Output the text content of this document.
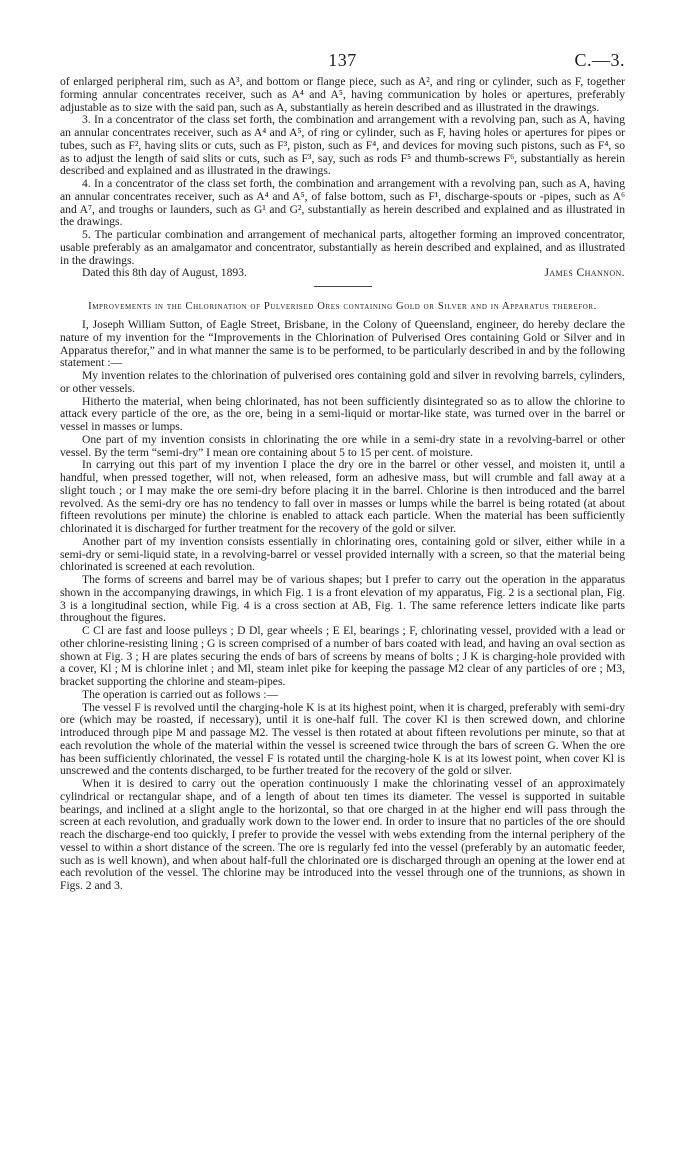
137	C.—3.

of enlarged peripheral rim, such as A³, and bottom or flange piece, such as A², and ring or cylinder, such as F, together forming annular concentrates receiver, such as A⁴ and A⁵, having communication by holes or apertures, preferably adjustable as to size with the said pan, such as A, substantially as herein described and as illustrated in the drawings.

3. In a concentrator of the class set forth, the combination and arrangement with a revolving pan, such as A, having an annular concentrates receiver, such as A⁴ and A⁵, of ring or cylinder, such as F, having holes or apertures for pipes or tubes, such as F², having slits or cuts, such as F³, piston, such as F⁴, and devices for moving such pistons, such as F⁴, so as to adjust the length of said slits or cuts, such as F³, say, such as rods F⁵ and thumb-screws F⁶, substantially as herein described and explained and as illustrated in the drawings.

4. In a concentrator of the class set forth, the combination and arrangement with a revolving pan, such as A, having an annular concentrates receiver, such as A⁴ and A⁵, of false bottom, such as F¹, discharge-spouts or -pipes, such as A⁶ and A⁷, and troughs or launders, such as G¹ and G², substantially as herein described and explained and as illustrated in the drawings.

5. The particular combination and arrangement of mechanical parts, altogether forming an improved concentrator, usable preferably as an amalgamator and concentrator, substantially as herein described and explained, and as illustrated in the drawings.

Dated this 8th day of August, 1893.	James Channon.
Improvements in the Chlorination of Pulverised Ores containing Gold or Silver and in Apparatus therefor.

I, Joseph William Sutton, of Eagle Street, Brisbane, in the Colony of Queensland, engineer, do hereby declare the nature of my invention for the “Improvements in the Chlorination of Pulverised Ores containing Gold or Silver and in Apparatus therefor,” and in what manner the same is to be performed, to be particularly described in and by the following statement :—

My invention relates to the chlorination of pulverised ores containing gold and silver in revolving barrels, cylinders, or other vessels.

Hitherto the material, when being chlorinated, has not been sufficiently disintegrated so as to allow the chlorine to attack every particle of the ore, as the ore, being in a semi-liquid or mortar-like state, was turned over in the barrel or vessel in masses or lumps.

One part of my invention consists in chlorinating the ore while in a semi-dry state in a revolving-barrel or other vessel. By the term “semi-dry” I mean ore containing about 5 to 15 per cent. of moisture.

In carrying out this part of my invention I place the dry ore in the barrel or other vessel, and moisten it, until a handful, when pressed together, will not, when released, form an adhesive mass, but will crumble and fall away at a slight touch ; or I may make the ore semi-dry before placing it in the barrel. Chlorine is then introduced and the barrel revolved. As the semi-dry ore has no tendency to fall over in masses or lumps while the barrel is being rotated (at about fifteen revolutions per minute) the chlorine is enabled to attack each particle. When the material has been sufficiently chlorinated it is discharged for further treatment for the recovery of the gold or silver.

Another part of my invention consists essentially in chlorinating ores, containing gold or silver, either while in a semi-dry or semi-liquid state, in a revolving-barrel or vessel provided internally with a screen, so that the material being chlorinated is screened at each revolution.

The forms of screens and barrel may be of various shapes; but I prefer to carry out the operation in the apparatus shown in the accompanying drawings, in which Fig. 1 is a front elevation of my apparatus, Fig. 2 is a sectional plan, Fig. 3 is a longitudinal section, while Fig. 4 is a cross section at AB, Fig. 1. The same reference letters indicate like parts throughout the figures.

C Cl are fast and loose pulleys ; D Dl, gear wheels ; E El, bearings ; F, chlorinating vessel, provided with a lead or other chlorine-resisting lining ; G is screen comprised of a number of bars coated with lead, and having an oval section as shown at Fig. 3 ; H are plates securing the ends of bars of screens by means of bolts ; J K is charging-hole provided with a cover, Kl ; M is chlorine inlet ; and Ml, steam inlet pike for keeping the passage M2 clear of any particles of ore ; M3, bracket supporting the chlorine and steam-pipes.

The operation is carried out as follows :—

The vessel F is revolved until the charging-hole K is at its highest point, when it is charged, preferably with semi-dry ore (which may be roasted, if necessary), until it is one-half full. The cover Kl is then screwed down, and chlorine introduced through pipe M and passage M2. The vessel is then rotated at about fifteen revolutions per minute, so that at each revolution the whole of the material within the vessel is screened twice through the bars of screen G. When the ore has been sufficiently chlorinated, the vessel F is rotated until the charging-hole K is at its lowest point, when cover Kl is unscrewed and the contents discharged, to be further treated for the recovery of the gold or silver.

When it is desired to carry out the operation continuously I make the chlorinating vessel of an approximately cylindrical or rectangular shape, and of a length of about ten times its diameter. The vessel is supported in suitable bearings, and inclined at a slight angle to the horizontal, so that ore charged in at the higher end will pass through the screen at each revolution, and gradually work down to the lower end. In order to insure that no particles of the ore should reach the discharge-end too quickly, I prefer to provide the vessel with webs extending from the internal periphery of the vessel to within a short distance of the screen. The ore is regularly fed into the vessel (preferably by an automatic feeder, such as is well known), and when about half-full the chlorinated ore is discharged through an opening at the lower end at each revolution of the vessel. The chlorine may be introduced into the vessel through one of the trunnions, as shown in Figs. 2 and 3.
